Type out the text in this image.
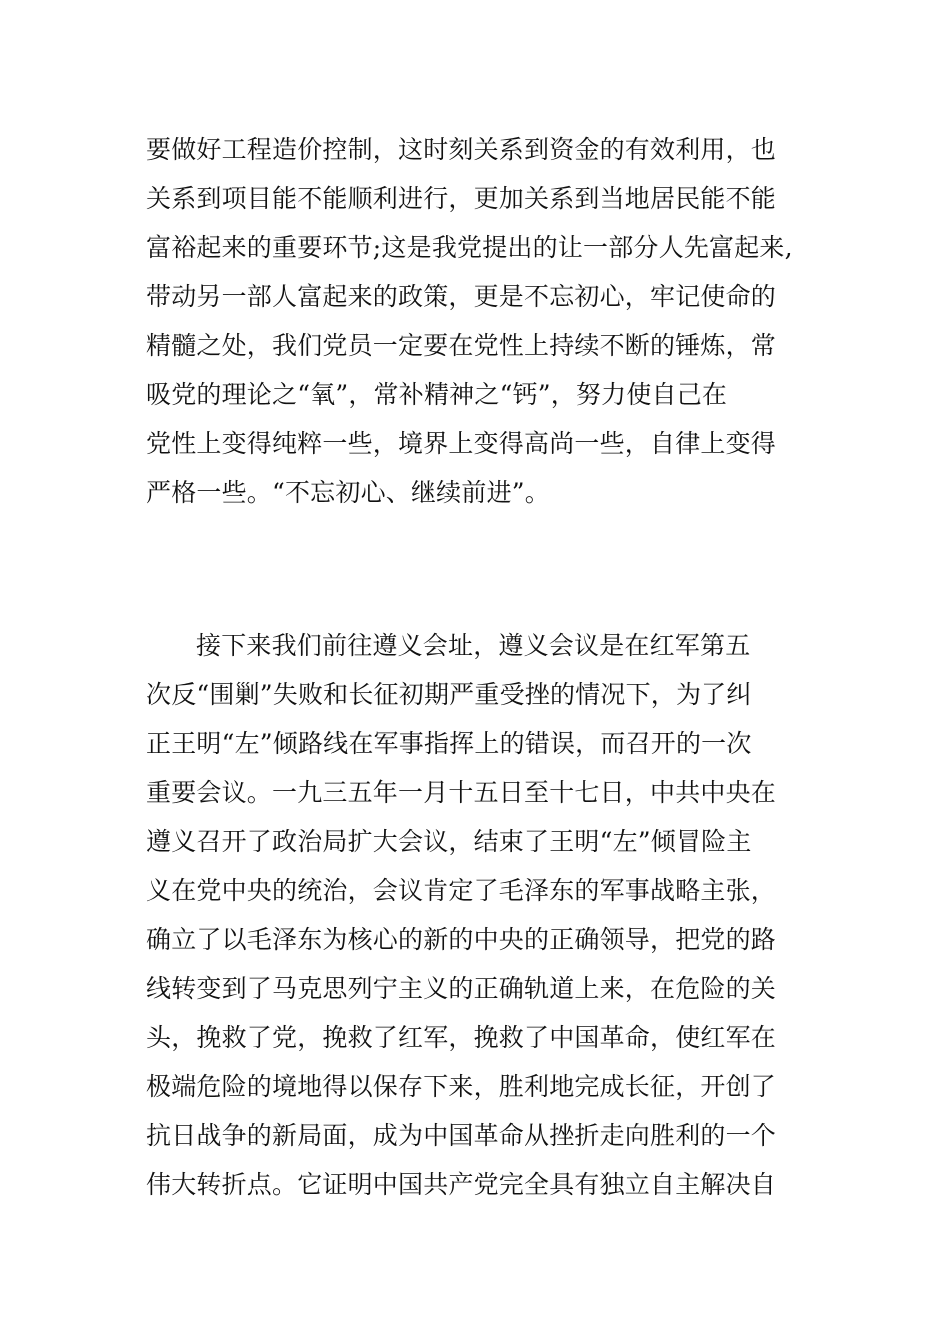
要做好工程造价控制，这时刻关系到资金的有效利用，也
关系到项目能不能顺利进行，更加关系到当地居民能不能
富裕起来的重要环节;这是我党提出的让一部分人先富起来,
带动另一部人富起来的政策，更是不忘初心，牢记使命的
精髓之处，我们党员一定要在党性上持续不断的锤炼，常
吸党的理论之“氧”，常补精神之“钙”，努力使自己在
党性上变得纯粹一些，境界上变得高尚一些，自律上变得
严格一些。“不忘初心、继续前进”。
接下来我们前往遵义会址，遵义会议是在红军第五
次反“围剿”失败和长征初期严重受挫的情况下，为了纠
正王明“左”倾路线在军事指挥上的错误，而召开的一次
重要会议。一九三五年一月十五日至十七日，中共中央在
遵义召开了政治局扩大会议，结束了王明“左”倾冒险主
义在党中央的统治，会议肯定了毛泽东的军事战略主张，
确立了以毛泽东为核心的新的中央的正确领导，把党的路
线转变到了马克思列宁主义的正确轨道上来，在危险的关
头，挽救了党，挽救了红军，挽救了中国革命，使红军在
极端危险的境地得以保存下来，胜利地完成长征，开创了
抗日战争的新局面，成为中国革命从挫折走向胜利的一个
伟大转折点。它证明中国共产党完全具有独立自主解决自
